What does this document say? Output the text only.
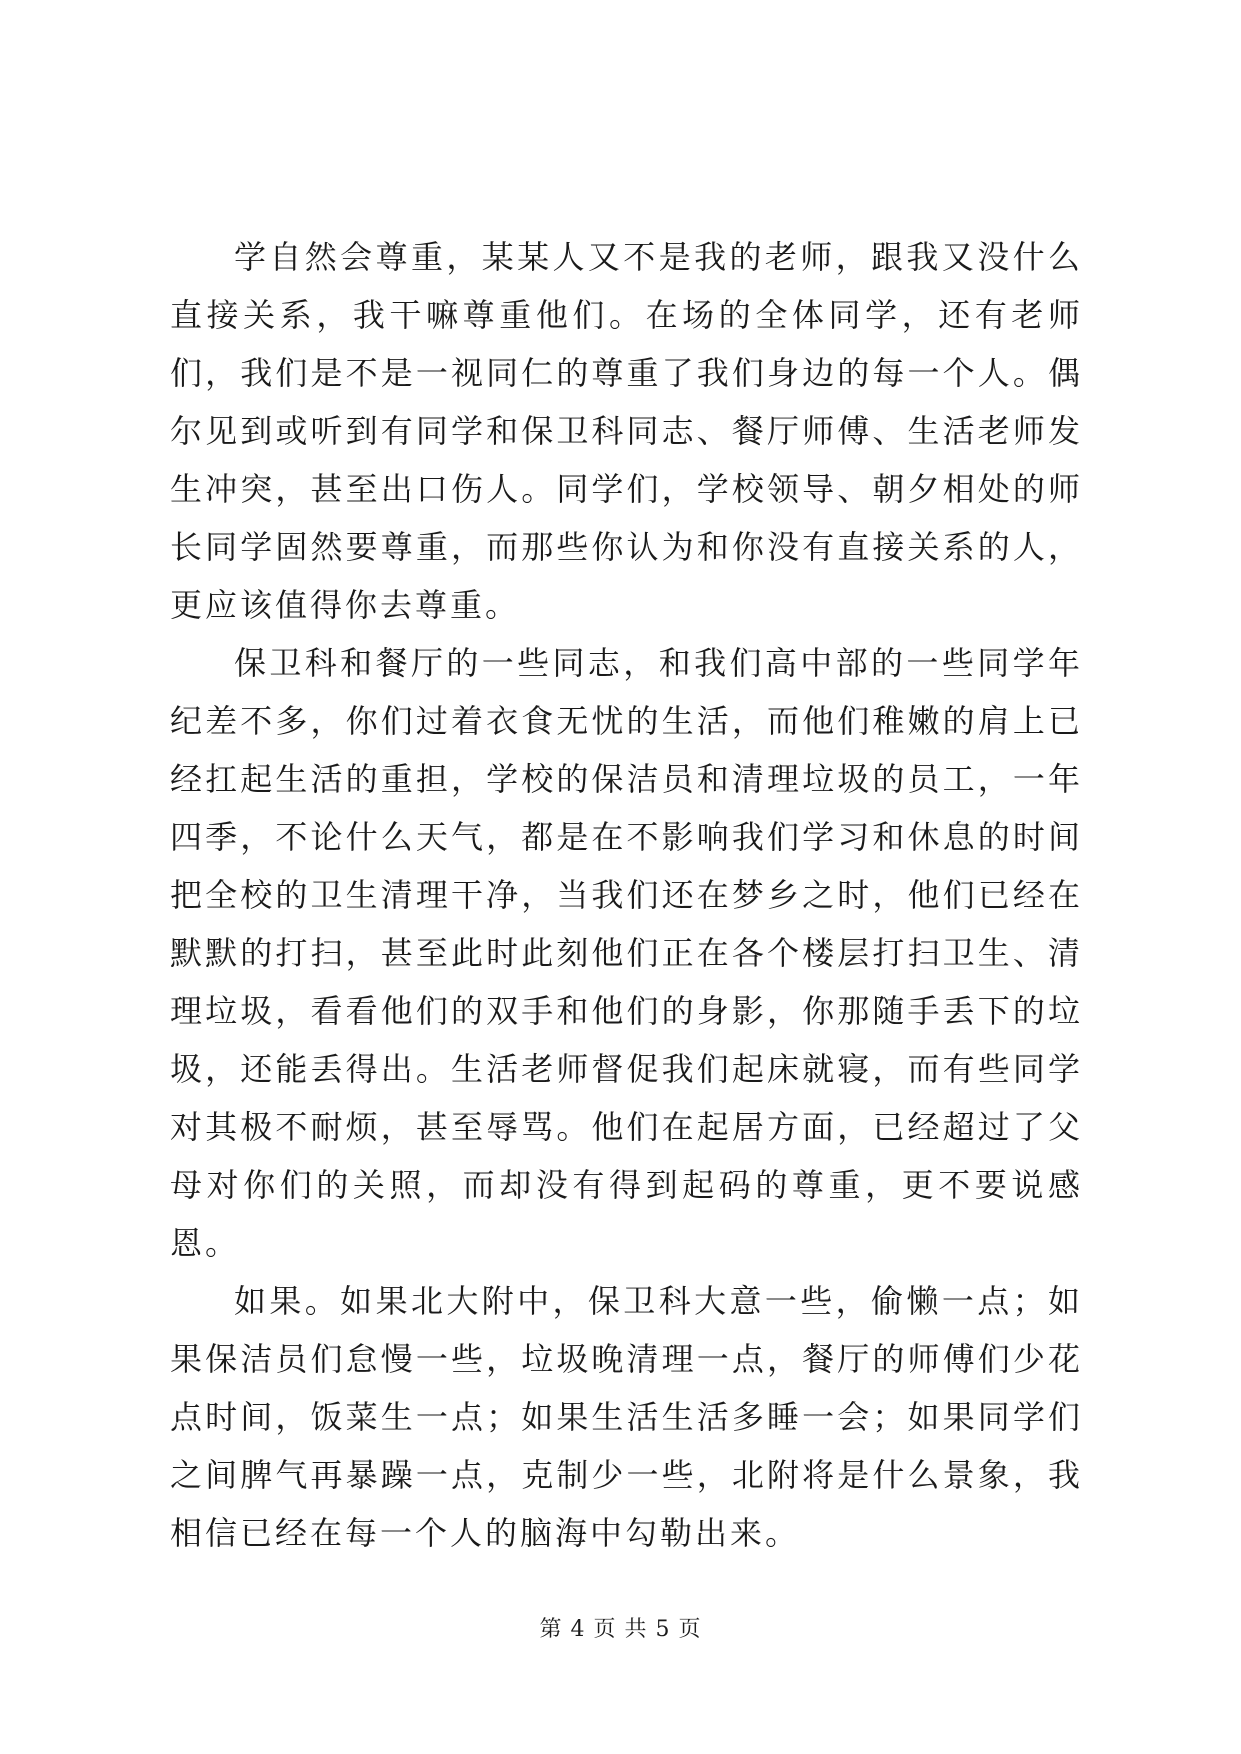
学自然会尊重，某某人又不是我的老师，跟我又没什么直接关系，我干嘛尊重他们。在场的全体同学，还有老师们，我们是不是一视同仁的尊重了我们身边的每一个人。偶尔见到或听到有同学和保卫科同志、餐厅师傅、生活老师发生冲突，甚至出口伤人。同学们，学校领导、朝夕相处的师长同学固然要尊重，而那些你认为和你没有直接关系的人，更应该值得你去尊重。

保卫科和餐厅的一些同志，和我们高中部的一些同学年纪差不多，你们过着衣食无忧的生活，而他们稚嫩的肩上已经扛起生活的重担，学校的保洁员和清理垃圾的员工，一年四季，不论什么天气，都是在不影响我们学习和休息的时间把全校的卫生清理干净，当我们还在梦乡之时，他们已经在默默的打扫，甚至此时此刻他们正在各个楼层打扫卫生、清理垃圾，看看他们的双手和他们的身影，你那随手丢下的垃圾，还能丢得出。生活老师督促我们起床就寝，而有些同学对其极不耐烦，甚至辱骂。他们在起居方面，已经超过了父母对你们的关照，而却没有得到起码的尊重，更不要说感恩。

如果。如果北大附中，保卫科大意一些，偷懒一点；如果保洁员们怠慢一些，垃圾晚清理一点，餐厅的师傅们少花点时间，饭菜生一点；如果生活生活多睡一会；如果同学们之间脾气再暴躁一点，克制少一些，北附将是什么景象，我相信已经在每一个人的脑海中勾勒出来。

第 4 页 共 5 页
